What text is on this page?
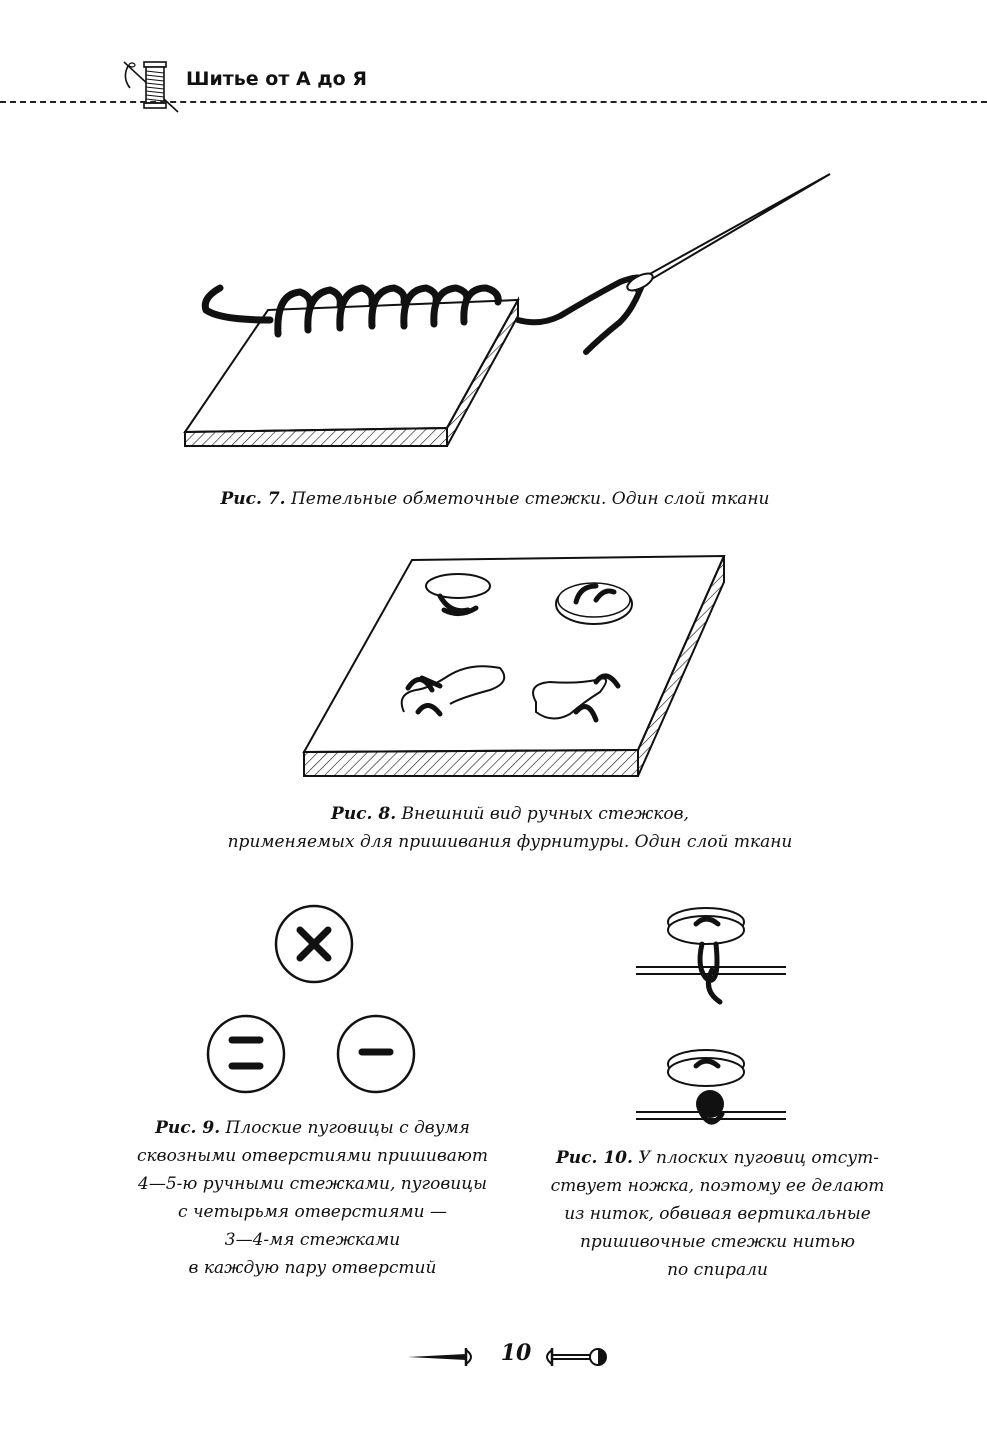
Шитье от А до Я
Рис. 7. Петельные обметочные стежки. Один слой ткани
Рис. 8. Внешний вид ручных стежков,
применяемых для пришивания фурнитуры. Один слой ткани
Рис. 9. Плоские пуговицы с двумя
сквозными отверстиями пришивают
4—5-ю ручными стежками, пуговицы
с четырьмя отверстиями —
3—4-мя стежками
в каждую пару отверстий
Рис. 10. У плоских пуговиц отсут-
ствует ножка, поэтому ее делают
из ниток, обвивая вертикальные
пришивочные стежки нитью
по спирали
10
